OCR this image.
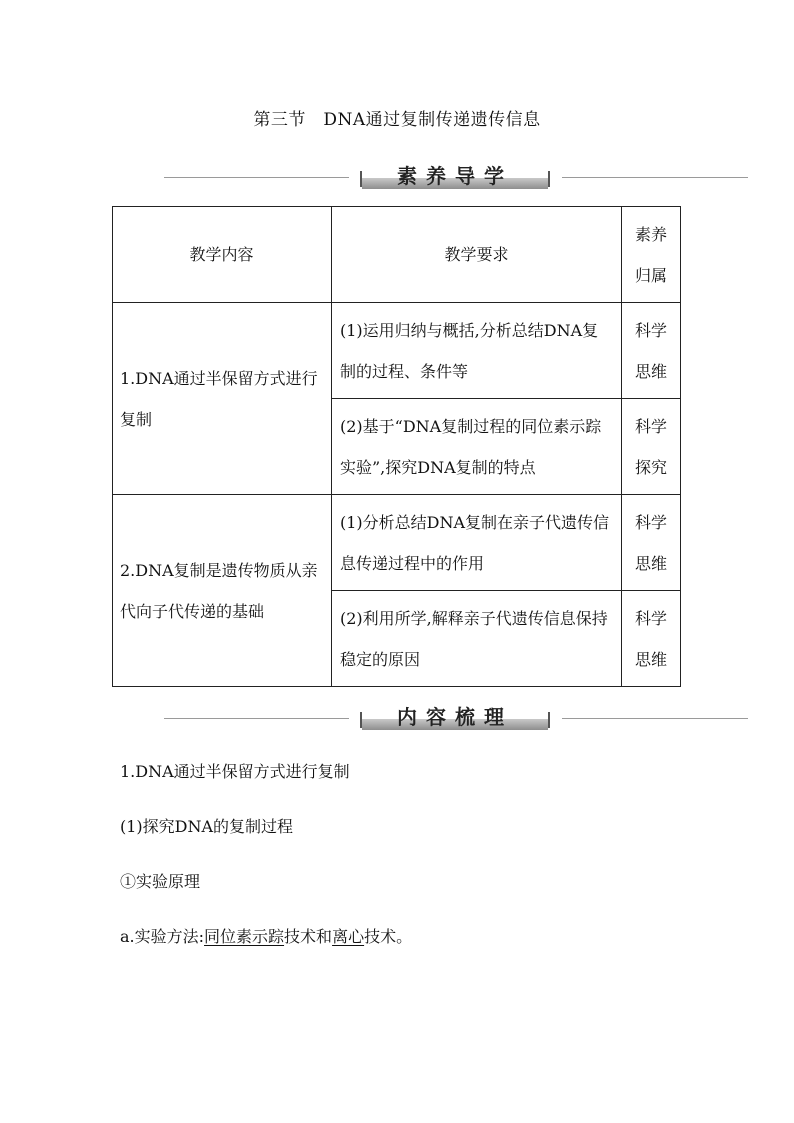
第三节　DNA通过复制传递遗传信息
素养导学
教学内容	教学要求	素养归属
1.DNA通过半保留方式进行复制	(1)运用归纳与概括,分析总结DNA复制的过程、条件等	科学思维
	(2)基于“DNA复制过程的同位素示踪实验”,探究DNA复制的特点	科学探究
2.DNA复制是遗传物质从亲代向子代传递的基础	(1)分析总结DNA复制在亲子代遗传信息传递过程中的作用	科学思维
	(2)利用所学,解释亲子代遗传信息保持稳定的原因	科学思维
内容梳理
1.DNA通过半保留方式进行复制
(1)探究DNA的复制过程
①实验原理
a.实验方法:同位素示踪技术和离心技术。
